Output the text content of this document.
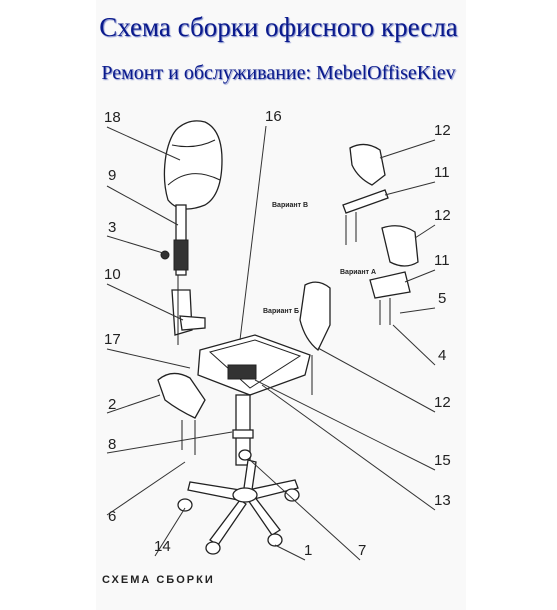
Схема сборки офисного кресла
Ремонт и обслуживание: MebelOffiseKiev
18
9
3
10
17
2
8
6
14
16
12
11
12
11
5
4
12
15
13
1	7
Вариант В
Вариант А
Вариант Б
СХЕМА СБОРКИ
